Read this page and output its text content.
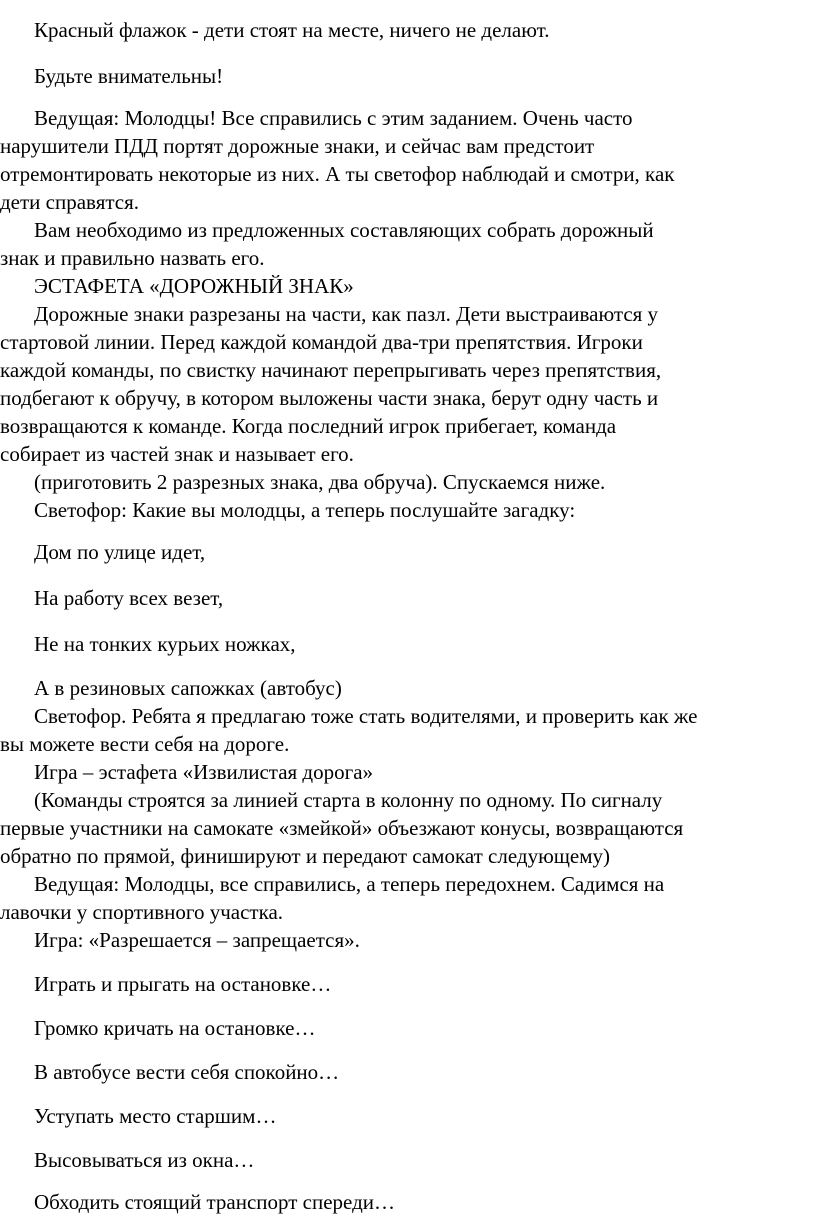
Красный флажок - дети стоят на месте, ничего не делают.
Будьте внимательны!
Ведущая: Молодцы! Все справились с этим заданием. Очень часто
нарушители ПДД портят дорожные знаки, и сейчас вам предстоит
отремонтировать некоторые из них. А ты светофор наблюдай и смотри, как
дети справятся.
Вам необходимо из предложенных составляющих собрать дорожный
знак и правильно назвать его.
ЭСТАФЕТА «ДОРОЖНЫЙ ЗНАК»
Дорожные знаки разрезаны на части, как пазл. Дети выстраиваются у
стартовой линии. Перед каждой командой два-три препятствия. Игроки
каждой команды, по свистку начинают перепрыгивать через препятствия,
подбегают к обручу, в котором выложены части знака, берут одну часть и
возвращаются к команде. Когда последний игрок прибегает, команда
собирает из частей знак и называет его.
(приготовить 2 разрезных знака, два обруча). Спускаемся ниже.
Светофор: Какие вы молодцы, а теперь послушайте загадку:
Дом по улице идет,
На работу всех везет,
Не на тонких курьих ножках,
А в резиновых сапожках (автобус)
Светофор. Ребята я предлагаю тоже стать водителями, и проверить как же
вы можете вести себя на дороге.
Игра – эстафета «Извилистая дорога»
(Команды строятся за линией старта в колонну по одному. По сигналу
первые участники на самокате «змейкой» объезжают конусы, возвращаются
обратно по прямой, финишируют и передают самокат следующему)
Ведущая: Молодцы, все справились, а теперь передохнем. Садимся на
лавочки у спортивного участка.
Игра: «Разрешается – запрещается».
Играть и прыгать на остановке…
Громко кричать на остановке…
В автобусе вести себя спокойно…
Уступать место старшим…
Высовываться из окна…
Обходить стоящий транспорт спереди…
